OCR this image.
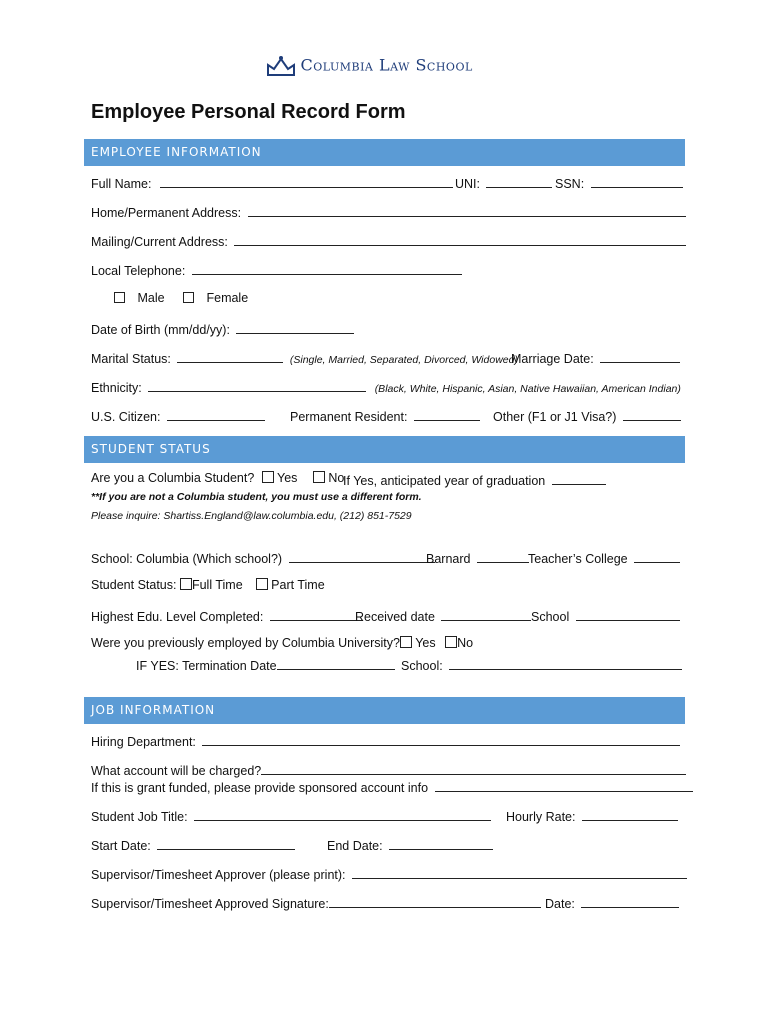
Columbia Law School
Employee Personal Record Form
EMPLOYEE INFORMATION
Full Name:	UNI:	SSN:
Home/Permanent Address:
Mailing/Current Address:
Local Telephone:
Male	Female
Date of Birth (mm/dd/yy):
Marital Status:	(Single, Married, Separated, Divorced, Widowed)
Marriage Date:
Ethnicity:	(Black, White, Hispanic, Asian, Native Hawaiian, American Indian)
U.S. Citizen:	Permanent Resident:	Other (F1 or J1 Visa?)
STUDENT STATUS
Are you a Columbia Student? Yes No
If Yes, anticipated year of graduation
**If you are not a Columbia student, you must use a different form.
Please inquire: Shartiss.England@law.columbia.edu, (212) 851-7529
School: Columbia (Which school?)	Barnard	Teacher’s College
Student Status: Full Time Part Time
Highest Edu. Level Completed:	Received date	School
Were you previously employed by Columbia University? Yes No
IF YES: Termination Date	School:
JOB INFORMATION
Hiring Department:
What account will be charged?
If this is grant funded, please provide sponsored account info
Student Job Title:	Hourly Rate:
Start Date:	End Date:
Supervisor/Timesheet Approver (please print):
Supervisor/Timesheet Approved Signature:	Date:
